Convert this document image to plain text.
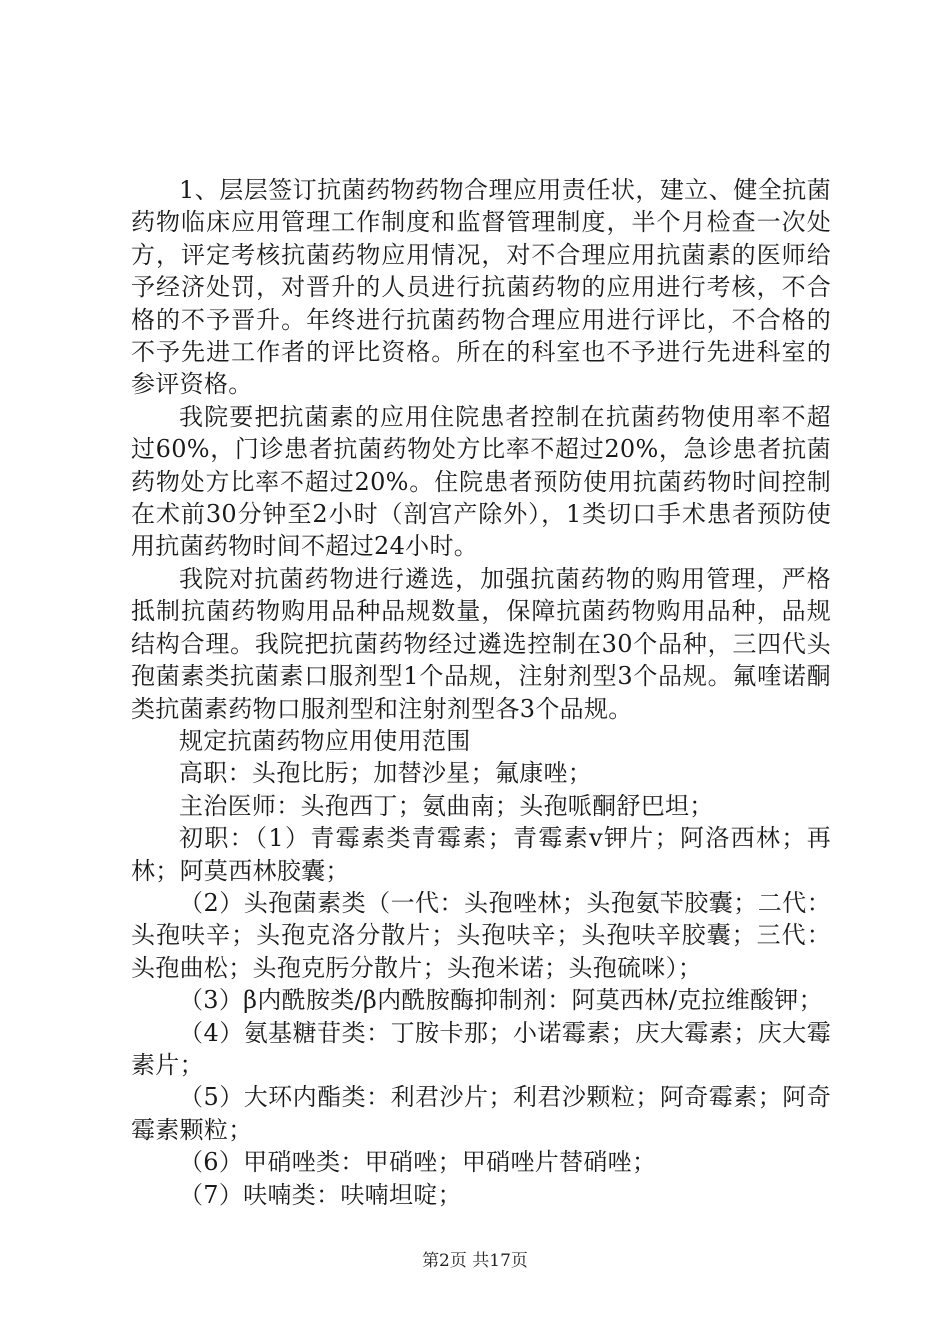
1、层层签订抗菌药物药物合理应用责任状，建立、健全抗菌药物临床应用管理工作制度和监督管理制度，半个月检查一次处方，评定考核抗菌药物应用情况，对不合理应用抗菌素的医师给予经济处罚，对晋升的人员进行抗菌药物的应用进行考核，不合格的不予晋升。年终进行抗菌药物合理应用进行评比，不合格的不予先进工作者的评比资格。所在的科室也不予进行先进科室的参评资格。

我院要把抗菌素的应用住院患者控制在抗菌药物使用率不超过60%，门诊患者抗菌药物处方比率不超过20%，急诊患者抗菌药物处方比率不超过20%。住院患者预防使用抗菌药物时间控制在术前30分钟至2小时（剖宫产除外），1类切口手术患者预防使用抗菌药物时间不超过24小时。

我院对抗菌药物进行遴选，加强抗菌药物的购用管理，严格抵制抗菌药物购用品种品规数量，保障抗菌药物购用品种，品规结构合理。我院把抗菌药物经过遴选控制在30个品种，三四代头孢菌素类抗菌素口服剂型1个品规，注射剂型3个品规。氟喹诺酮类抗菌素药物口服剂型和注射剂型各3个品规。

规定抗菌药物应用使用范围

高职：头孢比肟；加替沙星；氟康唑；

主治医师：头孢西丁；氨曲南；头孢哌酮舒巴坦；

初职：（1）青霉素类青霉素；青霉素v钾片；阿洛西林；再林；阿莫西林胶囊；

（2）头孢菌素类（一代：头孢唑林；头孢氨苄胶囊；二代：头孢呋辛；头孢克洛分散片；头孢呋辛；头孢呋辛胶囊；三代：头孢曲松；头孢克肟分散片；头孢米诺；头孢硫咪）；

（3）β内酰胺类/β内酰胺酶抑制剂：阿莫西林/克拉维酸钾；

（4）氨基糖苷类：丁胺卡那；小诺霉素；庆大霉素；庆大霉素片；

（5）大环内酯类：利君沙片；利君沙颗粒；阿奇霉素；阿奇霉素颗粒；

（6）甲硝唑类：甲硝唑；甲硝唑片替硝唑；

（7）呋喃类：呋喃坦啶；

第2页 共17页
